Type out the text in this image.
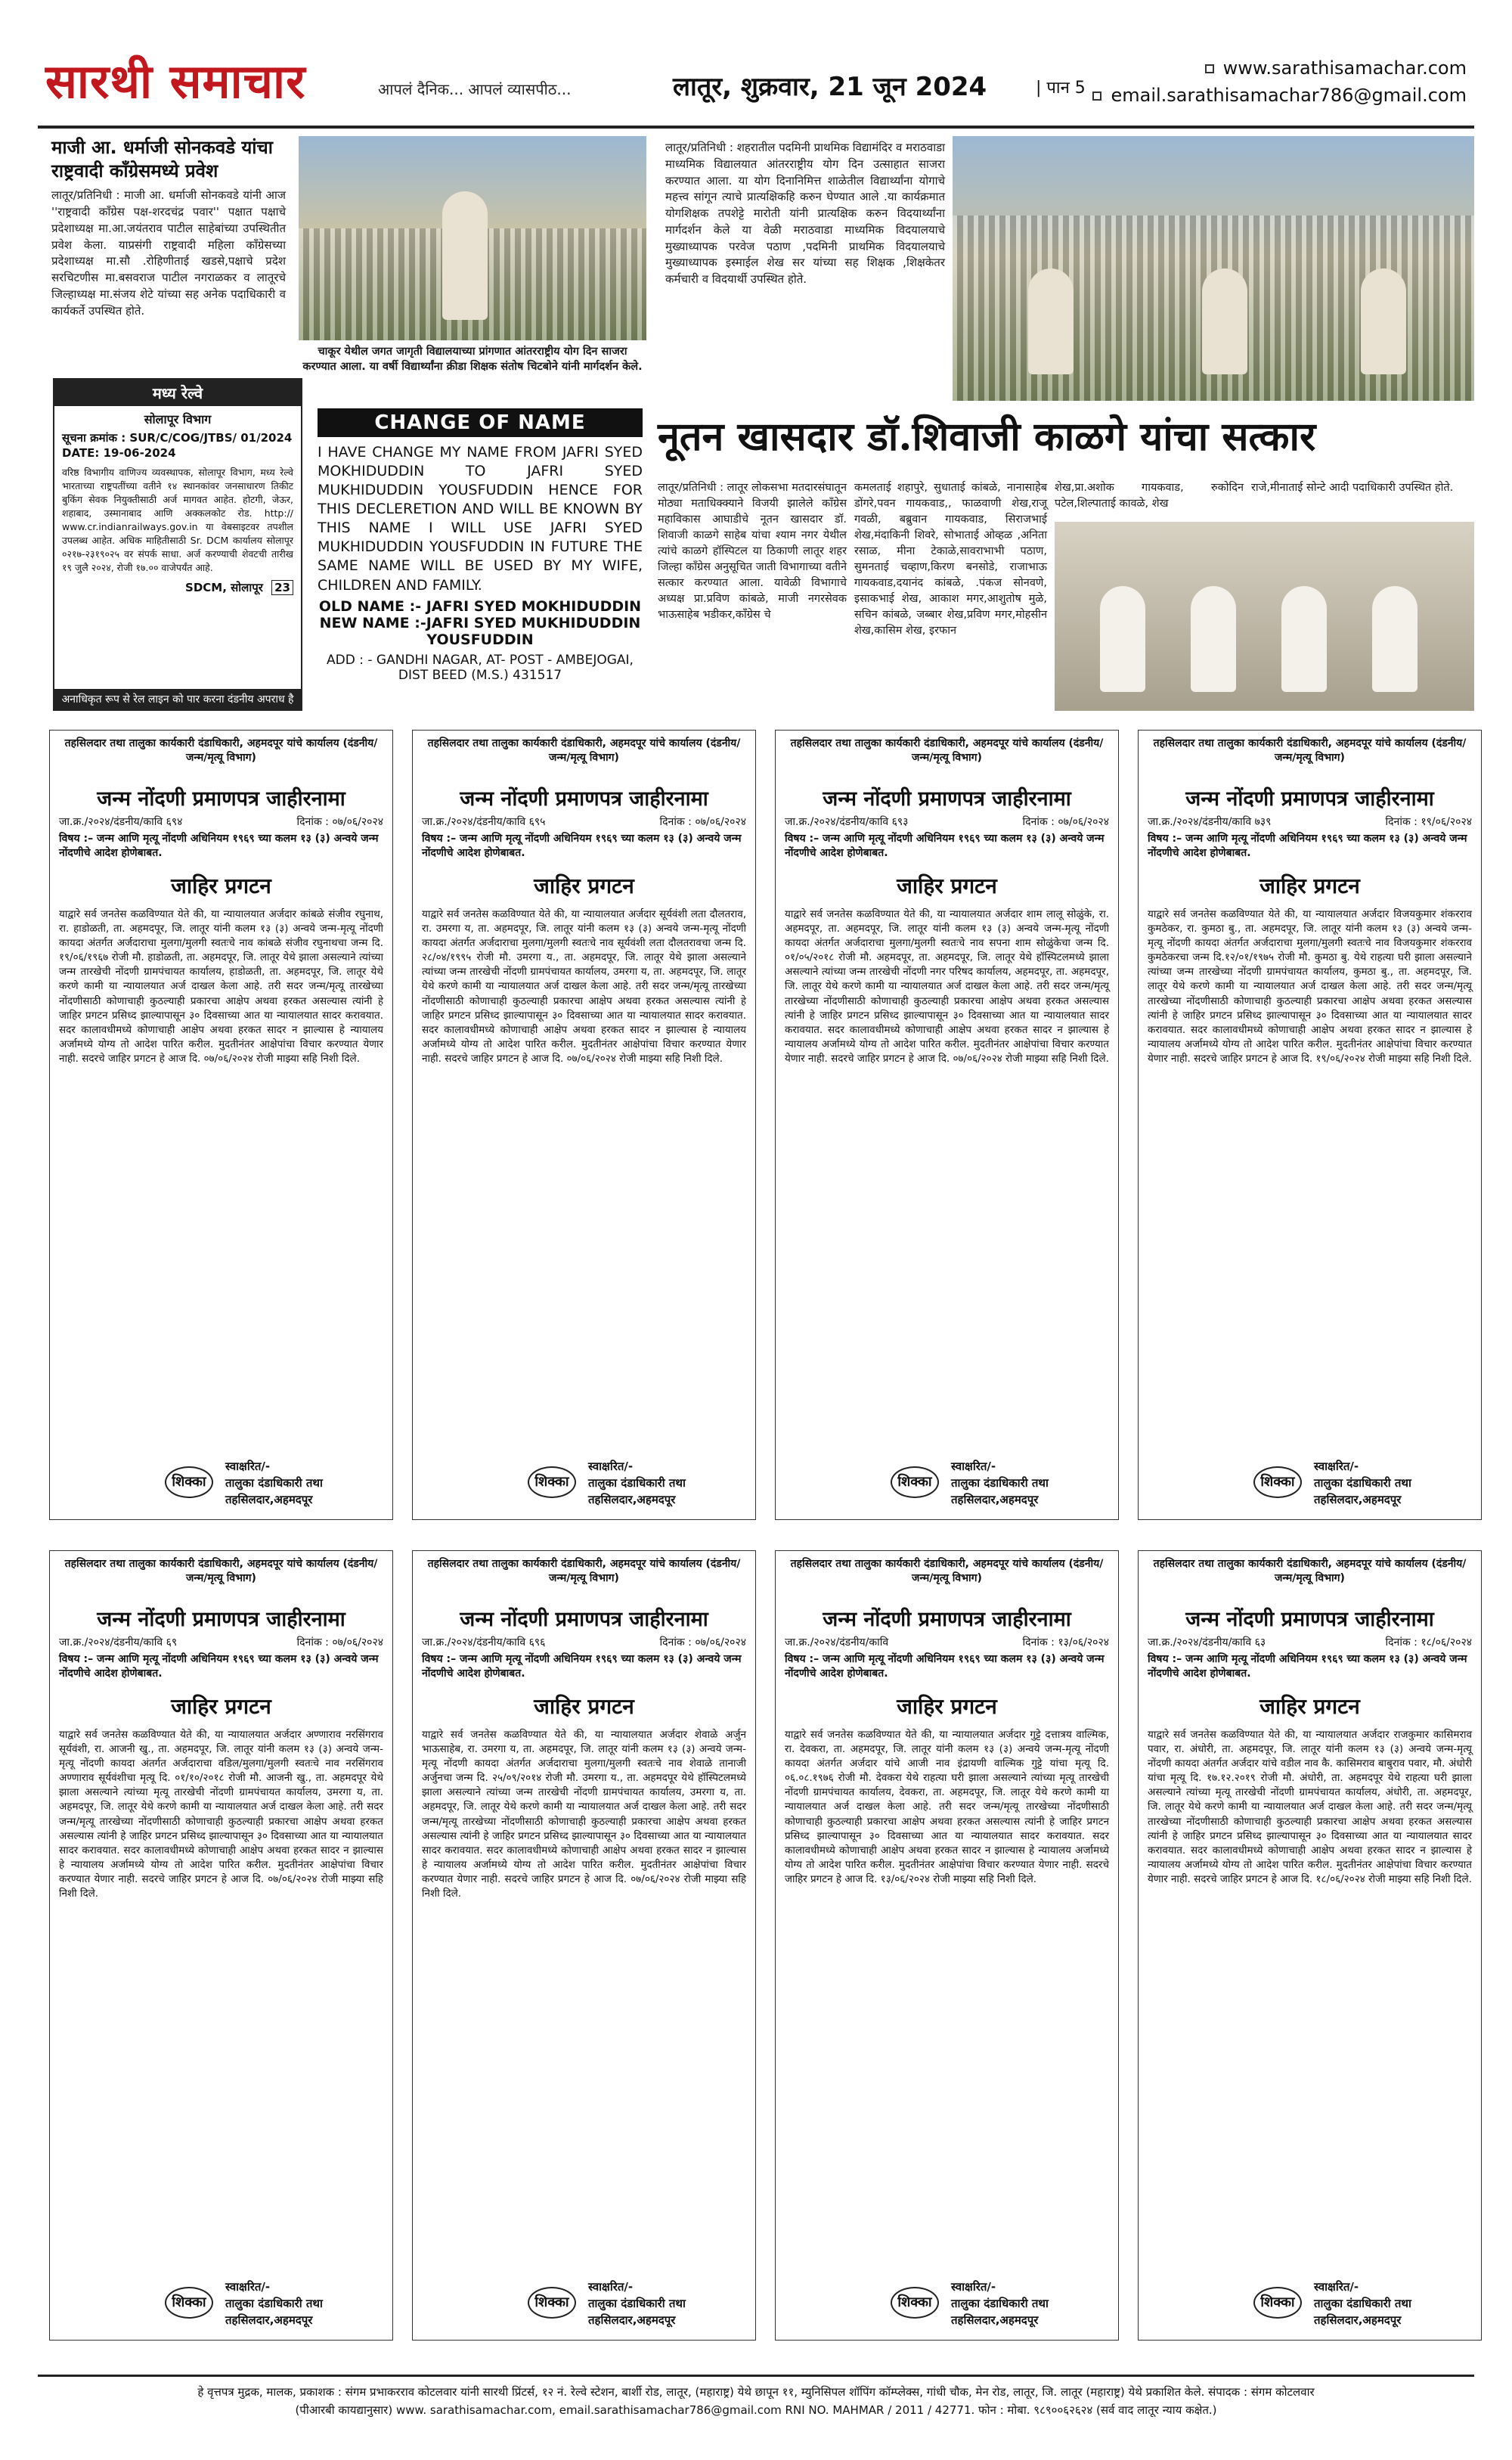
सारथी समाचार	आपलं दैनिक... आपलं व्यासपीठ...	लातूर, शुक्रवार, 21 जून 2024	| पान 5
www.sarathisamachar.com
email.sarathisamachar786@gmail.com
माजी आ. धर्माजी सोनकवडे यांचा राष्ट्रवादी काँग्रेसमध्ये प्रवेश
लातूर/प्रतिनिधी : माजी आ. धर्माजी सोनकवडे यांनी आज ''राष्ट्रवादी काँग्रेस पक्ष-शरदचंद्र पवार'' पक्षात पक्षाचे प्रदेशाध्यक्ष मा.आ.जयंतराव पाटील साहेबांच्या उपस्थितीत प्रवेश केला. याप्रसंगी राष्ट्रवादी महिला काँग्रेसच्या प्रदेशाध्यक्ष मा.सौ .रोहिणीताई खडसे,पक्षाचे प्रदेश सरचिटणीस मा.बसवराज पाटील नगराळकर व लातूरचे जिल्हाध्यक्ष मा.संजय शेटे यांच्या सह अनेक पदाधिकारी व कार्यकर्ते उपस्थित होते.
चाकूर येथील जगत जागृती विद्यालयाच्या प्रांगणात आंतरराष्ट्रीय योग दिन साजरा करण्यात आला. या वर्षी विद्यार्थ्यांना क्रीडा शिक्षक संतोष चिटबोने यांनी मार्गदर्शन केले.
लातूर/प्रतिनिधी : शहरातील पदमिनी प्राथमिक विद्यामंदिर व मराठवाडा माध्यमिक विद्यालयात आंतरराष्ट्रीय योग दिन उत्साहात साजरा करण्यात आला. या योग दिनानिमित्त शाळेतील विद्यार्थ्यांना योगाचे महत्त्व सांगून त्याचे प्रात्यक्षिकहि करुन घेण्यात आले .या कार्यक्रमात योगशिक्षक तपशेट्टे मारोती यांनी प्रात्यक्षिक करुन विदयार्थ्यांना मार्गदर्शन केले या वेळी मराठवाडा माध्यमिक विदयालयाचे मुख्याध्यापक परवेज पठाण ,पदमिनी प्राथमिक विदयालयाचे मुख्याध्यापक इस्माईल शेख सर यांच्या सह शिक्षक ,शिक्षकेतर कर्मचारी व विदयार्थी उपस्थित होते.
मध्य रेल्वे
सोलापूर विभाग
सूचना क्रमांक : SUR/C/COG/JTBS/ 01/2024 DATE: 19-06-2024
वरिष्ठ विभागीय वाणिज्य व्यवस्थापक, सोलापूर विभाग, मध्य रेल्वे भारताच्या राष्ट्रपतींच्या वतीने १४ स्थानकांवर जनसाधारण तिकीट बुकिंग सेवक नियुक्तीसाठी अर्ज मागवत आहेत. होटगी, जेऊर, शहाबाद, उस्मानाबाद आणि अक्कलकोट रोड. http:// www.cr.indianrailways.gov.in या वेबसाइटवर तपशील उपलब्ध आहेत. अधिक माहितीसाठी Sr. DCM कार्यालय सोलापूर ०२१७-२३१९०२५ वर संपर्क साधा. अर्ज करण्याची शेवटची तारीख १९ जुलै २०२४, रोजी १७.०० वाजेपर्यंत आहे.
SDCM, सोलापूर 23
अनाधिकृत रूप से रेल लाइन को पार करना दंडनीय अपराध है
CHANGE OF NAME
I HAVE CHANGE MY NAME FROM JAFRI SYED MOKHIDUDDIN TO JAFRI SYED MUKHIDUDDIN YOUSFUDDIN HENCE FOR THIS DECLERETION AND WILL BE KNOWN BY THIS NAME I WILL USE JAFRI SYED MUKHIDUDDIN YOUSFUDDIN IN FUTURE THE SAME NAME WILL BE USED BY MY WIFE, CHILDREN AND FAMILY.
OLD NAME :- JAFRI SYED MOKHIDUDDIN
NEW NAME :-JAFRI SYED MUKHIDUDDIN YOUSFUDDIN
ADD : - GANDHI NAGAR, AT- POST - AMBEJOGAI, DIST BEED (M.S.) 431517
नूतन खासदार डॉ.शिवाजी काळगे यांचा सत्कार
लातूर/प्रतिनिधी : लातूर लोकसभा मतदारसंघातून मोठ्या मताधिक्क्याने विजयी झालेले काँग्रेस महाविकास आघाडीचे नूतन खासदार डॉ. शिवाजी काळगे साहेब यांचा श्याम नगर येथील त्यांचे काळगे हॉस्पिटल या ठिकाणी लातूर शहर जिल्हा काँग्रेस अनुसूचित जाती विभागाच्या वतीने सत्कार करण्यात आला. यावेळी विभागाचे अध्यक्ष प्रा.प्रविण कांबळे, माजी नगरसेवक भाऊसाहेब भडीकर,काँग्रेस चे
कमलताई शहापुरे, सुधाताई कांबळे, नानासाहेब डोंगरे,पवन गायकवाड,, फाळवाणी शेख,राजू गवळी, बब्रुवान गायकवाड, सिराजभाई शेख,मंदाकिनी शिवरे, सोभाताई ओव्हळ ,अनिता रसाळ, मीना टेकाळे,सावराभाभी पठाण, सुमनताई चव्हाण,किरण बनसोडे, राजाभाऊ गायकवाड,दयानंद कांबळे, .पंकज सोनवणे, इसाकभाई शेख, आकाश मगर,आशुतोष मुळे, सचिन कांबळे, जब्बार शेख,प्रविण मगर,मोहसीन शेख,कासिम शेख, इरफान
शेख,प्रा.अशोक गायकवाड, रुकोदिन पटेल,शिल्पाताई कावळे, शेख
राजे,मीनाताई सोन्टे आदी पदाधिकारी उपस्थित होते.
तहसिलदार तथा तालुका कार्यकारी दंडाधिकारी, अहमदपूर यांचे कार्यालय (दंडनीय/जन्म/मृत्यू विभाग)
जन्म नोंदणी प्रमाणपत्र जाहीरनामा
जा.क्र./२०२४/दंडनीय/कावि ६९४	दिनांक : ०७/०६/२०२४
विषय :– जन्म आणि मृत्यू नोंदणी अधिनियम १९६९ च्या कलम १३ (३) अन्वये जन्म नोंदणीचे आदेश होणेबाबत.
जाहिर प्रगटन
याद्वारे सर्व जनतेस कळविण्यात येते की, या न्यायालयात अर्जदार कांबळे संजीव रघुनाथ, रा. हाडोळती, ता. अहमदपूर, जि. लातूर यांनी कलम १३ (३) अन्वये जन्म-मृत्यू नोंदणी कायदा अंतर्गत अर्जदाराचा मुलगा/मुलगी स्वतःचे नाव कांबळे संजीव रघुनाथचा जन्म दि. १९/०६/१९६७ रोजी मौ. हाडोळती, ता. अहमदपूर, जि. लातूर येथे झाला असल्याने त्यांच्या जन्म तारखेची नोंदणी ग्रामपंचायत कार्यालय, हाडोळती, ता. अहमदपूर, जि. लातूर येथे करणे कामी या न्यायालयात अर्ज दाखल केला आहे. तरी सदर जन्म/मृत्यू तारखेच्या नोंदणीसाठी कोणाचाही कुठल्याही प्रकारचा आक्षेप अथवा हरकत असल्यास त्यांनी हे जाहिर प्रगटन प्रसिध्द झाल्यापासून ३० दिवसाच्या आत या न्यायालयात सादर करावयात. सदर कालावधीमध्ये कोणाचाही आक्षेप अथवा हरकत सादर न झाल्यास हे न्यायालय अर्जामध्ये योग्य तो आदेश पारित करील. मुदतीनंतर आक्षेपांचा विचार करण्यात येणार नाही. सदरचे जाहिर प्रगटन हे आज दि. ०७/०६/२०२४ रोजी माझ्या सहि निशी दिले.
शिक्का
स्वाक्षरित/-
तालुका दंडाधिकारी तथा
तहसिलदार,अहमदपूर
तहसिलदार तथा तालुका कार्यकारी दंडाधिकारी, अहमदपूर यांचे कार्यालय (दंडनीय/जन्म/मृत्यू विभाग)
जन्म नोंदणी प्रमाणपत्र जाहीरनामा
जा.क्र./२०२४/दंडनीय/कावि ६९५	दिनांक : ०७/०६/२०२४
विषय :– जन्म आणि मृत्यू नोंदणी अधिनियम १९६९ च्या कलम १३ (३) अन्वये जन्म नोंदणीचे आदेश होणेबाबत.
जाहिर प्रगटन
याद्वारे सर्व जनतेस कळविण्यात येते की, या न्यायालयात अर्जदार सूर्यवंशी लता दौलतराव, रा. उमरगा य, ता. अहमदपूर, जि. लातूर यांनी कलम १३ (३) अन्वये जन्म-मृत्यू नोंदणी कायदा अंतर्गत अर्जदाराचा मुलगा/मुलगी स्वतःचे नाव सूर्यवंशी लता दौलतरावचा जन्म दि. २८/०४/१९९५ रोजी मौ. उमरगा य., ता. अहमदपूर, जि. लातूर येथे झाला असल्याने त्यांच्या जन्म तारखेची नोंदणी ग्रामपंचायत कार्यालय, उमरगा य, ता. अहमदपूर, जि. लातूर येथे करणे कामी या न्यायालयात अर्ज दाखल केला आहे. तरी सदर जन्म/मृत्यू तारखेच्या नोंदणीसाठी कोणाचाही कुठल्याही प्रकारचा आक्षेप अथवा हरकत असल्यास त्यांनी हे जाहिर प्रगटन प्रसिध्द झाल्यापासून ३० दिवसाच्या आत या न्यायालयात सादर करावयात. सदर कालावधीमध्ये कोणाचाही आक्षेप अथवा हरकत सादर न झाल्यास हे न्यायालय अर्जामध्ये योग्य तो आदेश पारित करील. मुदतीनंतर आक्षेपांचा विचार करण्यात येणार नाही. सदरचे जाहिर प्रगटन हे आज दि. ०७/०६/२०२४ रोजी माझ्या सहि निशी दिले.
शिक्का
स्वाक्षरित/-
तालुका दंडाधिकारी तथा
तहसिलदार,अहमदपूर
तहसिलदार तथा तालुका कार्यकारी दंडाधिकारी, अहमदपूर यांचे कार्यालय (दंडनीय/जन्म/मृत्यू विभाग)
जन्म नोंदणी प्रमाणपत्र जाहीरनामा
जा.क्र./२०२४/दंडनीय/कावि ६९३	दिनांक : ०७/०६/२०२४
विषय :– जन्म आणि मृत्यू नोंदणी अधिनियम १९६९ च्या कलम १३ (३) अन्वये जन्म नोंदणीचे आदेश होणेबाबत.
जाहिर प्रगटन
याद्वारे सर्व जनतेस कळविण्यात येते की, या न्यायालयात अर्जदार शाम लालू सोळुंके, रा. अहमदपूर, ता. अहमदपूर, जि. लातूर यांनी कलम १३ (३) अन्वये जन्म-मृत्यू नोंदणी कायदा अंतर्गत अर्जदाराचा मुलगा/मुलगी स्वतःचे नाव सपना शाम सोळुंकेचा जन्म दि. ०१/०५/२०१८ रोजी मौ. अहमदपूर, ता. अहमदपूर, जि. लातूर येथे हॉस्पिटलमध्ये झाला असल्याने त्यांच्या जन्म तारखेची नोंदणी नगर परिषद कार्यालय, अहमदपूर, ता. अहमदपूर, जि. लातूर येथे करणे कामी या न्यायालयात अर्ज दाखल केला आहे. तरी सदर जन्म/मृत्यू तारखेच्या नोंदणीसाठी कोणाचाही कुठल्याही प्रकारचा आक्षेप अथवा हरकत असल्यास त्यांनी हे जाहिर प्रगटन प्रसिध्द झाल्यापासून ३० दिवसाच्या आत या न्यायालयात सादर करावयात. सदर कालावधीमध्ये कोणाचाही आक्षेप अथवा हरकत सादर न झाल्यास हे न्यायालय अर्जामध्ये योग्य तो आदेश पारित करील. मुदतीनंतर आक्षेपांचा विचार करण्यात येणार नाही. सदरचे जाहिर प्रगटन हे आज दि. ०७/०६/२०२४ रोजी माझ्या सहि निशी दिले.
शिक्का
स्वाक्षरित/-
तालुका दंडाधिकारी तथा
तहसिलदार,अहमदपूर
तहसिलदार तथा तालुका कार्यकारी दंडाधिकारी, अहमदपूर यांचे कार्यालय (दंडनीय/जन्म/मृत्यू विभाग)
जन्म नोंदणी प्रमाणपत्र जाहीरनामा
जा.क्र./२०२४/दंडनीय/कावि ७३९	दिनांक : १९/०६/२०२४
विषय :– जन्म आणि मृत्यू नोंदणी अधिनियम १९६९ च्या कलम १३ (३) अन्वये जन्म नोंदणीचे आदेश होणेबाबत.
जाहिर प्रगटन
याद्वारे सर्व जनतेस कळविण्यात येते की, या न्यायालयात अर्जदार विजयकुमार शंकरराव कुमठेकर, रा. कुमठा बु., ता. अहमदपूर, जि. लातूर यांनी कलम १३ (३) अन्वये जन्म-मृत्यू नोंदणी कायदा अंतर्गत अर्जदाराचा मुलगा/मुलगी स्वतःचे नाव विजयकुमार शंकरराव कुमठेकरचा जन्म दि.१२/०१/१९७५ रोजी मौ. कुमठा बु. येथे राहत्या घरी झाला असल्याने त्यांच्या जन्म तारखेच्या नोंदणी ग्रामपंचायत कार्यालय, कुमठा बु., ता. अहमदपूर, जि. लातूर येथे करणे कामी या न्यायालयात अर्ज दाखल केला आहे. तरी सदर जन्म/मृत्यू तारखेच्या नोंदणीसाठी कोणाचाही कुठल्याही प्रकारचा आक्षेप अथवा हरकत असल्यास त्यांनी हे जाहिर प्रगटन प्रसिध्द झाल्यापासून ३० दिवसाच्या आत या न्यायालयात सादर करावयात. सदर कालावधीमध्ये कोणाचाही आक्षेप अथवा हरकत सादर न झाल्यास हे न्यायालय अर्जामध्ये योग्य तो आदेश पारित करील. मुदतीनंतर आक्षेपांचा विचार करण्यात येणार नाही. सदरचे जाहिर प्रगटन हे आज दि. १९/०६/२०२४ रोजी माझ्या सहि निशी दिले.
शिक्का
स्वाक्षरित/-
तालुका दंडाधिकारी तथा
तहसिलदार,अहमदपूर
तहसिलदार तथा तालुका कार्यकारी दंडाधिकारी, अहमदपूर यांचे कार्यालय (दंडनीय/जन्म/मृत्यू विभाग)
जन्म नोंदणी प्रमाणपत्र जाहीरनामा
जा.क्र./२०२४/दंडनीय/कावि ६९	दिनांक : ०७/०६/२०२४
विषय :– जन्म आणि मृत्यू नोंदणी अधिनियम १९६९ च्या कलम १३ (३) अन्वये जन्म नोंदणीचे आदेश होणेबाबत.
जाहिर प्रगटन
याद्वारे सर्व जनतेस कळविण्यात येते की, या न्यायालयात अर्जदार अण्णाराव नरसिंगराव सूर्यवंशी, रा. आजनी खु., ता. अहमदपूर, जि. लातूर यांनी कलम १३ (३) अन्वये जन्म-मृत्यू नोंदणी कायदा अंतर्गत अर्जदाराचा वडिल/मुलगा/मुलगी स्वतःचे नाव नरसिंगराव अण्णाराव सूर्यवंशीचा मृत्यू दि. ०१/१०/२०१८ रोजी मौ. आजनी खु., ता. अहमदपूर येथे झाला असल्याने त्यांच्या मृत्यू तारखेची नोंदणी ग्रामपंचायत कार्यालय, उमरगा य, ता. अहमदपूर, जि. लातूर येथे करणे कामी या न्यायालयात अर्ज दाखल केला आहे. तरी सदर जन्म/मृत्यू तारखेच्या नोंदणीसाठी कोणाचाही कुठल्याही प्रकारचा आक्षेप अथवा हरकत असल्यास त्यांनी हे जाहिर प्रगटन प्रसिध्द झाल्यापासून ३० दिवसाच्या आत या न्यायालयात सादर करावयात. सदर कालावधीमध्ये कोणाचाही आक्षेप अथवा हरकत सादर न झाल्यास हे न्यायालय अर्जामध्ये योग्य तो आदेश पारित करील. मुदतीनंतर आक्षेपांचा विचार करण्यात येणार नाही. सदरचे जाहिर प्रगटन हे आज दि. ०७/०६/२०२४ रोजी माझ्या सहि निशी दिले.
शिक्का
स्वाक्षरित/-
तालुका दंडाधिकारी तथा
तहसिलदार,अहमदपूर
तहसिलदार तथा तालुका कार्यकारी दंडाधिकारी, अहमदपूर यांचे कार्यालय (दंडनीय/जन्म/मृत्यू विभाग)
जन्म नोंदणी प्रमाणपत्र जाहीरनामा
जा.क्र./२०२४/दंडनीय/कावि ६९६	दिनांक : ०७/०६/२०२४
विषय :– जन्म आणि मृत्यू नोंदणी अधिनियम १९६९ च्या कलम १३ (३) अन्वये जन्म नोंदणीचे आदेश होणेबाबत.
जाहिर प्रगटन
याद्वारे सर्व जनतेस कळविण्यात येते की, या न्यायालयात अर्जदार शेवाळे अर्जुन भाऊसाहेब, रा. उमरगा य, ता. अहमदपूर, जि. लातूर यांनी कलम १३ (३) अन्वये जन्म-मृत्यू नोंदणी कायदा अंतर्गत अर्जदाराचा मुलगा/मुलगी स्वतःचे नाव शेवाळे तानाजी अर्जुनचा जन्म दि. २५/०९/२०१४ रोजी मौ. उमरगा य., ता. अहमदपूर येथे हॉस्पिटलमध्ये झाला असल्याने त्यांच्या जन्म तारखेची नोंदणी ग्रामपंचायत कार्यालय, उमरगा य, ता. अहमदपूर, जि. लातूर येथे करणे कामी या न्यायालयात अर्ज दाखल केला आहे. तरी सदर जन्म/मृत्यू तारखेच्या नोंदणीसाठी कोणाचाही कुठल्याही प्रकारचा आक्षेप अथवा हरकत असल्यास त्यांनी हे जाहिर प्रगटन प्रसिध्द झाल्यापासून ३० दिवसाच्या आत या न्यायालयात सादर करावयात. सदर कालावधीमध्ये कोणाचाही आक्षेप अथवा हरकत सादर न झाल्यास हे न्यायालय अर्जामध्ये योग्य तो आदेश पारित करील. मुदतीनंतर आक्षेपांचा विचार करण्यात येणार नाही. सदरचे जाहिर प्रगटन हे आज दि. ०७/०६/२०२४ रोजी माझ्या सहि निशी दिले.
शिक्का
स्वाक्षरित/-
तालुका दंडाधिकारी तथा
तहसिलदार,अहमदपूर
तहसिलदार तथा तालुका कार्यकारी दंडाधिकारी, अहमदपूर यांचे कार्यालय (दंडनीय/जन्म/मृत्यू विभाग)
जन्म नोंदणी प्रमाणपत्र जाहीरनामा
जा.क्र./२०२४/दंडनीय/कावि	दिनांक : १३/०६/२०२४
विषय :– जन्म आणि मृत्यू नोंदणी अधिनियम १९६९ च्या कलम १३ (३) अन्वये जन्म नोंदणीचे आदेश होणेबाबत.
जाहिर प्रगटन
याद्वारे सर्व जनतेस कळविण्यात येते की, या न्यायालयात अर्जदार गुट्टे दत्तात्रय वाल्मिक, रा. देवकरा, ता. अहमदपूर, जि. लातूर यांनी कलम १३ (३) अन्वये जन्म-मृत्यू नोंदणी कायदा अंतर्गत अर्जदार यांचे आजी नाव इंद्रायणी वाल्मिक गुट्टे यांचा मृत्यू दि. ०६.०८.१९७६ रोजी मौ. देवकरा येथे राहत्या घरी झाला असल्याने त्यांच्या मृत्यू तारखेची नोंदणी ग्रामपंचायत कार्यालय, देवकरा, ता. अहमदपूर, जि. लातूर येथे करणे कामी या न्यायालयात अर्ज दाखल केला आहे. तरी सदर जन्म/मृत्यू तारखेच्या नोंदणीसाठी कोणाचाही कुठल्याही प्रकारचा आक्षेप अथवा हरकत असल्यास त्यांनी हे जाहिर प्रगटन प्रसिध्द झाल्यापासून ३० दिवसाच्या आत या न्यायालयात सादर करावयात. सदर कालावधीमध्ये कोणाचाही आक्षेप अथवा हरकत सादर न झाल्यास हे न्यायालय अर्जामध्ये योग्य तो आदेश पारित करील. मुदतीनंतर आक्षेपांचा विचार करण्यात येणार नाही. सदरचे जाहिर प्रगटन हे आज दि. १३/०६/२०२४ रोजी माझ्या सहि निशी दिले.
शिक्का
स्वाक्षरित/-
तालुका दंडाधिकारी तथा
तहसिलदार,अहमदपूर
तहसिलदार तथा तालुका कार्यकारी दंडाधिकारी, अहमदपूर यांचे कार्यालय (दंडनीय/जन्म/मृत्यू विभाग)
जन्म नोंदणी प्रमाणपत्र जाहीरनामा
जा.क्र./२०२४/दंडनीय/कावि ६३	दिनांक : १८/०६/२०२४
विषय :– जन्म आणि मृत्यू नोंदणी अधिनियम १९६९ च्या कलम १३ (३) अन्वये जन्म नोंदणीचे आदेश होणेबाबत.
जाहिर प्रगटन
याद्वारे सर्व जनतेस कळविण्यात येते की, या न्यायालयात अर्जदार राजकुमार कासिमराव पवार, रा. अंधोरी, ता. अहमदपूर, जि. लातूर यांनी कलम १३ (३) अन्वये जन्म-मृत्यू नोंदणी कायदा अंतर्गत अर्जदार यांचे वडील नाव कै. कासिमराव बाबुराव पवार, मौ. अंधोरी यांचा मृत्यू दि. १७.१२.२०१९ रोजी मौ. अंधोरी, ता. अहमदपूर येथे राहत्या घरी झाला असल्याने त्यांच्या मृत्यू तारखेची नोंदणी ग्रामपंचायत कार्यालय, अंधोरी, ता. अहमदपूर, जि. लातूर येथे करणे कामी या न्यायालयात अर्ज दाखल केला आहे. तरी सदर जन्म/मृत्यू तारखेच्या नोंदणीसाठी कोणाचाही कुठल्याही प्रकारचा आक्षेप अथवा हरकत असल्यास त्यांनी हे जाहिर प्रगटन प्रसिध्द झाल्यापासून ३० दिवसाच्या आत या न्यायालयात सादर करावयात. सदर कालावधीमध्ये कोणाचाही आक्षेप अथवा हरकत सादर न झाल्यास हे न्यायालय अर्जामध्ये योग्य तो आदेश पारित करील. मुदतीनंतर आक्षेपांचा विचार करण्यात येणार नाही. सदरचे जाहिर प्रगटन हे आज दि. १८/०६/२०२४ रोजी माझ्या सहि निशी दिले.
शिक्का
स्वाक्षरित/-
तालुका दंडाधिकारी तथा
तहसिलदार,अहमदपूर
हे वृत्तपत्र मुद्रक, मालक, प्रकाशक : संगम प्रभाकरराव कोटलवार यांनी सारथी प्रिंटर्स, १२ नं. रेल्वे स्टेशन, बार्शी रोड, लातूर, (महाराष्ट्र) येथे छापून ११, म्युनिसिपल शॉपिंग कॉम्प्लेक्स, गांधी चौक, मेन रोड, लातूर, जि. लातूर (महाराष्ट्र) येथे प्रकाशित केले. संपादक : संगम कोटलवार
(पीआरबी कायद्यानुसार) www. sarathisamachar.com, email.sarathisamachar786@gmail.com RNI NO. MAHMAR / 2011 / 42771. फोन : मोबा. ९८९००६२६२४ (सर्व वाद लातूर न्याय कक्षेत.)
